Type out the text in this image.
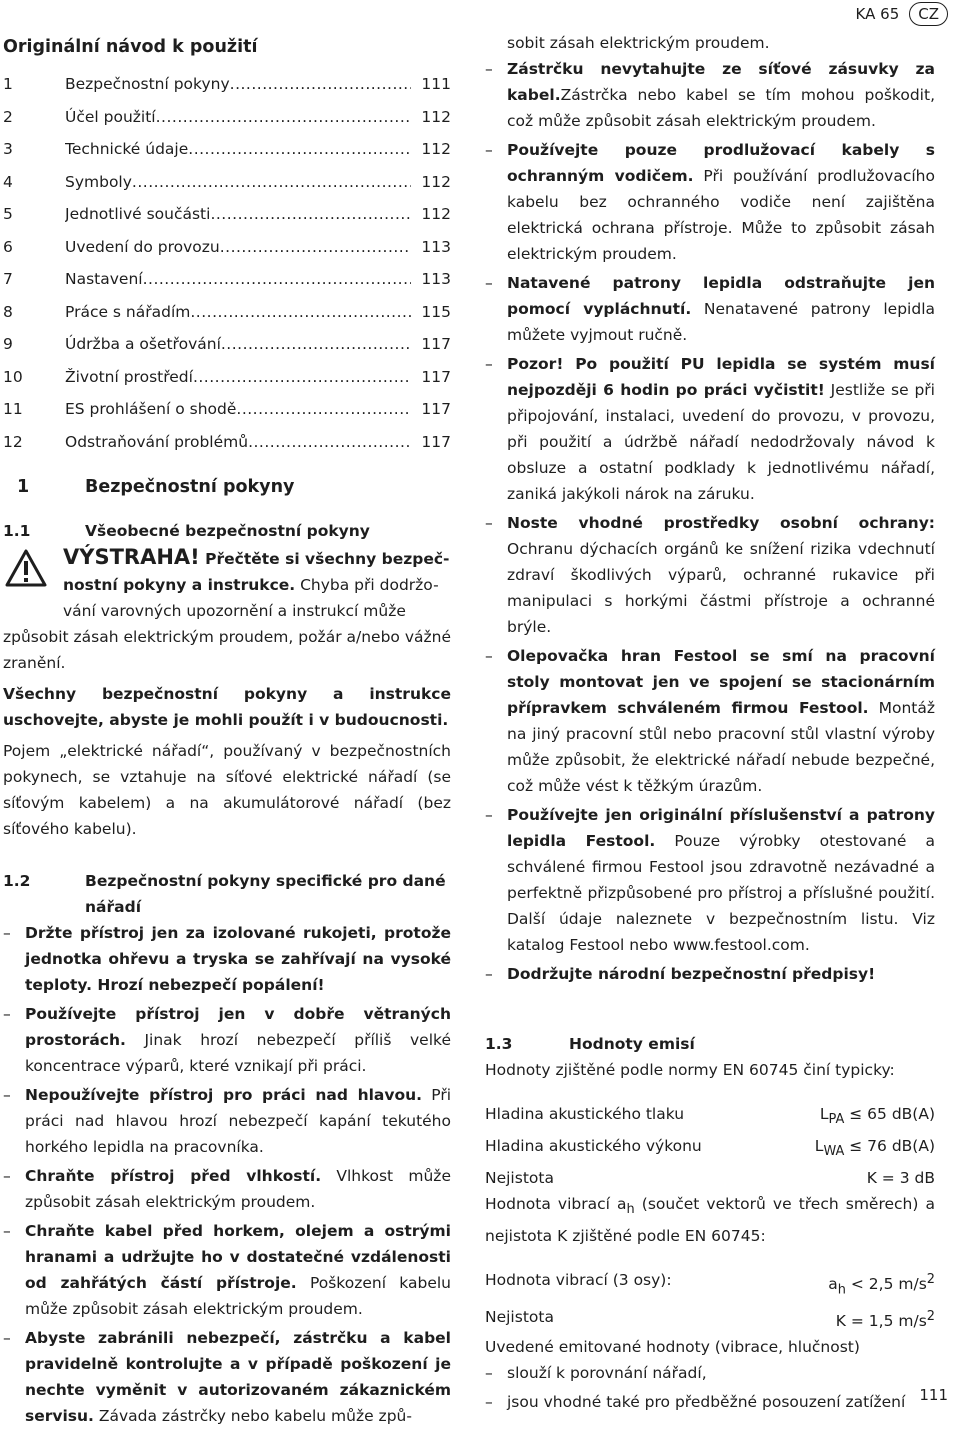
KA 65	CZ
Originální návod k použití
1	Bezpečnostní pokyny .....	111
2	Účel použití .....	112
3	Technické údaje .....	112
4	Symboly .....	112
5	Jednotlivé součásti .....	112
6	Uvedení do provozu .....	113
7	Nastavení .....	113
8	Práce s nářadím .....	115
9	Údržba a ošetřování .....	117
10	Životní prostředí .....	117
11	ES prohlášení o shodě .....	117
12	Odstraňování problémů .....	117
1	Bezpečnostní pokyny
1.1	Všeobecné bezpečnostní pokyny
VÝSTRAHA! Přečtěte si všechny bezpeč-
nostní pokyny a instrukce. Chyba při dodržo-
vání varovných upozornění a instrukcí může

způsobit zásah elektrickým proudem, požár a/nebo vážné zranění.

Všechny bezpečnostní pokyny a instrukce uschovejte, abyste je mohli použít i v budoucnosti.

Pojem „elektrické nářadí“, používaný v bezpečnostních pokynech, se vztahuje na síťové elektrické nářadí (se síťovým kabelem) a na akumulátorové nářadí (bez síťového kabelu).

1.2	Bezpečnostní pokyny specifické pro dané nářadí
– Držte přístroj jen za izolované rukojeti, protože jednotka ohřevu a tryska se zahřívají na vysoké teploty. Hrozí nebezpečí popálení!
– Používejte přístroj jen v dobře větraných prostorách. Jinak hrozí nebezpečí příliš velké koncentrace výparů, které vznikají při práci.
– Nepoužívejte přístroj pro práci nad hlavou. Při práci nad hlavou hrozí nebezpečí kapání tekutého horkého lepidla na pracovníka.
– Chraňte přístroj před vlhkostí. Vlhkost může způsobit zásah elektrickým proudem.
– Chraňte kabel před horkem, olejem a ostrými hranami a udržujte ho v dostatečné vzdálenosti od zahřátých částí přístroje. Poškození kabelu může způsobit zásah elektrickým proudem.
– Abyste zabránili nebezpečí, zástrčku a kabel pravidelně kontrolujte a v případě poškození je nechte vyměnit v autorizovaném zákaznickém servisu. Závada zástrčky nebo kabelu může způ-
sobit zásah elektrickým proudem.
– Zástrčku nevytahujte ze síťové zásuvky za kabel.Zástrčka nebo kabel se tím mohou poškodit, což může způsobit zásah elektrickým proudem.
– Používejte pouze prodlužovací kabely s ochranným vodičem. Při používání prodlužovacího kabelu bez ochranného vodiče není zajištěna elektrická ochrana přístroje. Může to způsobit zásah elektrickým proudem.
– Natavené patrony lepidla odstraňujte jen pomocí vypláchnutí. Nenatavené patrony lepidla můžete vyjmout ručně.
– Pozor! Po použití PU lepidla se systém musí nejpozději 6 hodin po práci vyčistit! Jestliže se při připojování, instalaci, uvedení do provozu, v provozu, při použití a údržbě nářadí nedodržovaly návod k obsluze a ostatní podklady k jednotlivému nářadí, zaniká jakýkoli nárok na záruku.
– Noste vhodné prostředky osobní ochrany: Ochranu dýchacích orgánů ke snížení rizika vdechnutí zdraví škodlivých výparů, ochranné rukavice při manipulaci s horkými částmi přístroje a ochranné brýle.
– Olepovačka hran Festool se smí na pracovní stoly montovat jen ve spojení se stacionárním přípravkem schváleném firmou Festool. Montáž na jiný pracovní stůl nebo pracovní stůl vlastní výroby může způsobit, že elektrické nářadí nebude bezpečné, což může vést k těžkým úrazům.
– Používejte jen originální příslušenství a patrony lepidla Festool. Pouze výrobky otestované a schválené firmou Festool jsou zdravotně nezávadné a perfektně přizpůsobené pro přístroj a příslušné použití. Další údaje naleznete v bezpečnostním listu. Viz katalog Festool nebo www.festool.com.
– Dodržujte národní bezpečnostní předpisy!
1.3	Hodnoty emisí
Hodnoty zjištěné podle normy EN 60745 činí typicky:
Hladina akustického tlaku	$L_{PA} \le 65$ dB(A)
Hladina akustického výkonu	$L_{WA} \le 76$ dB(A)
Nejistota	K = 3 dB

Hodnota vibrací $a_h$ (součet vektorů ve třech směrech) a nejistota K zjištěné podle EN 60745:

Hodnota vibrací (3 osy):	$a_h < 2,5$ $m/s^2$
Nejistota	K = 1,5 $m/s^2$
Uvedené emitované hodnoty (vibrace, hlučnost)
– slouží k porovnání nářadí,
– jsou vhodné také pro předběžné posouzení zatížení 111
